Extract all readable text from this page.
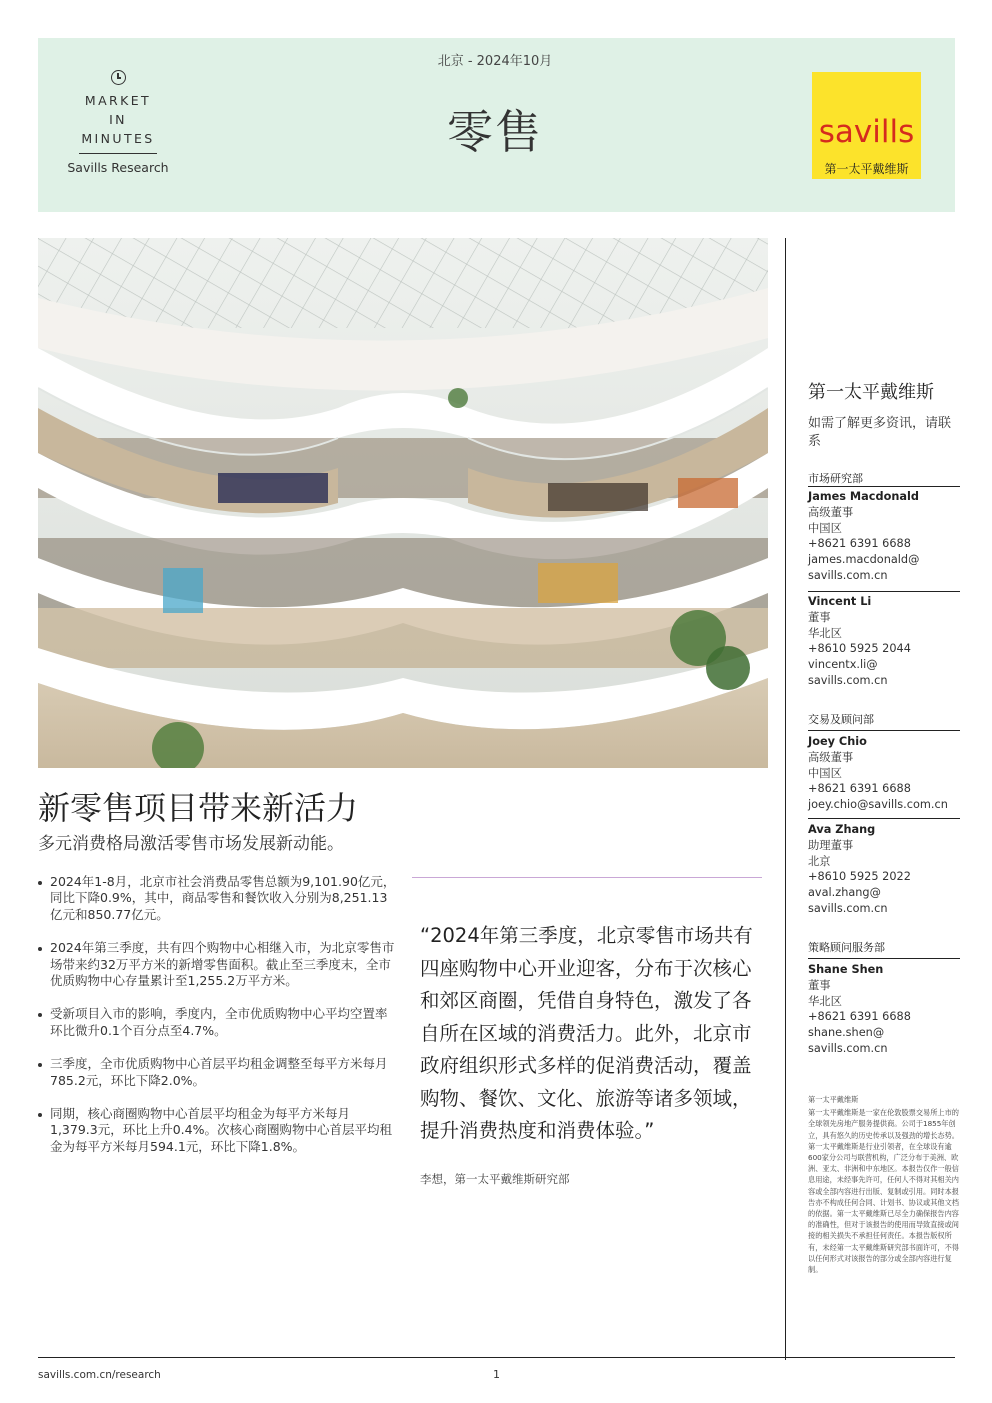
MARKET
IN
MINUTES
Savills Research
北京 - 2024年10月
零售	savills
第一太平戴维斯
新零售项目带来新活力
多元消费格局激活零售市场发展新动能。
2024年1-8月，北京市社会消费品零售总额为9,101.90亿元，同比下降0.9%，其中，商品零售和餐饮收入分别为8,251.13亿元和850.77亿元。
2024年第三季度，共有四个购物中心相继入市，为北京零售市场带来约32万平方米的新增零售面积。截止至三季度末，全市优质购物中心存量累计至1,255.2万平方米。
受新项目入市的影响，季度内，全市优质购物中心平均空置率环比微升0.1个百分点至4.7%。
三季度，全市优质购物中心首层平均租金调整至每平方米每月785.2元，环比下降2.0%。
同期，核心商圈购物中心首层平均租金为每平方米每月1,379.3元，环比上升0.4%。次核心商圈购物中心首层平均租金为每平方米每月594.1元，环比下降1.8%。
“2024年第三季度，北京零售市场共有四座购物中心开业迎客，分布于次核心和郊区商圈，凭借自身特色，激发了各自所在区域的消费活力。此外，北京市政府组织形式多样的促消费活动，覆盖购物、餐饮、文化、旅游等诸多领域，提升消费热度和消费体验。”
李想，第一太平戴维斯研究部
第一太平戴维斯
如需了解更多资讯，请联系
市场研究部
James Macdonald
高级董事
中国区
+8621 6391 6688
james.macdonald@
savills.com.cn
Vincent Li
董事
华北区
+8610 5925 2044
vincentx.li@
savills.com.cn
交易及顾问部
Joey Chio
高级董事
中国区
+8621 6391 6688
joey.chio@savills.com.cn
Ava Zhang
助理董事
北京
+8610 5925 2022
aval.zhang@
savills.com.cn
策略顾问服务部
Shane Shen
董事
华北区
+8621 6391 6688
shane.shen@
savills.com.cn
第一太平戴维斯
第一太平戴维斯是一家在伦敦股票交易所上市的全球领先房地产服务提供商。公司于1855年创立，具有悠久的历史传承以及强劲的增长态势。第一太平戴维斯是行业引领者，在全球设有逾600家分公司与联营机构，广泛分布于美洲、欧洲、亚太、非洲和中东地区。本报告仅作一般信息用途，未经事先许可，任何人不得对其相关内容或全部内容进行出版、复制或引用。同时本报告亦不构成任何合同、计划书、协议或其他文档的依据。第一太平戴维斯已尽全力确保报告内容的准确性，但对于该报告的使用而导致直接或间接的相关损失不承担任何责任。本报告版权所有，未经第一太平戴维斯研究部书面许可，不得以任何形式对该报告的部分或全部内容进行复制。
savills.com.cn/research	1
